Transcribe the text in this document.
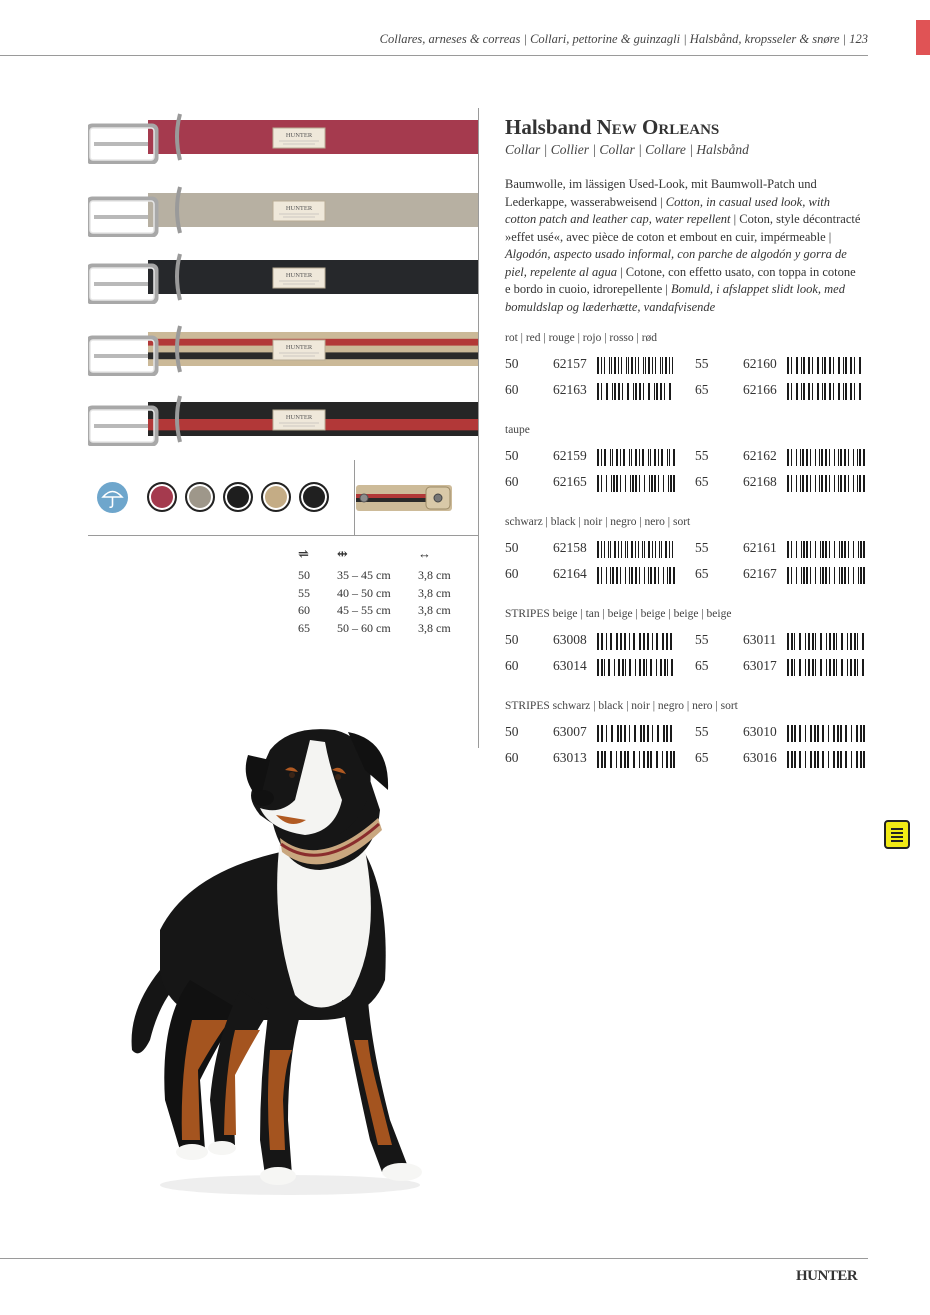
Collares, arneses & correas | Collari, pettorine & guinzagli | Halsbånd, kropsseler & snøre | 123
HUNTER
HUNTER
HUNTER
HUNTER
HUNTER
⇌ ⇹	↔
50 35 – 45 cm 3,8 cm
55 40 – 50 cm 3,8 cm
60 45 – 55 cm 3,8 cm
65 50 – 60 cm 3,8 cm
Halsband New Orleans
Collar | Collier | Collar | Collare | Halsbånd
Baumwolle, im lässigen Used-Look, mit Baumwoll-Patch und Lederkappe, wasserabweisend | Cotton, in casual used look, with cotton patch and leather cap, water repellent | Coton, style décontracté »effet usé«, avec pièce de coton et embout en cuir, impérmeable | Algodón, aspecto usado informal, con parche de algodón y gorra de piel, repelente al agua | Cotone, con effetto usato, con toppa in cotone e bordo in cuoio, idrorepellente | Bomuld, i afslappet slidt look, med bomuldslap og læderhætte, vandafvisende
rot | red | rouge | rojo | rosso | rød
50	62157	55	62160
60	62163	65	62166
taupe
50	62159	55	62162
60	62165	65	62168
schwarz | black | noir | negro | nero | sort
50	62158	55	62161
60	62164	65	62167
STRIPES beige | tan | beige | beige | beige | beige
50	63008	55	63011
60	63014	65	63017
STRIPES schwarz | black | noir | negro | nero | sort
50	63007	55	63010
60	63013	65	63016
HUNTER
